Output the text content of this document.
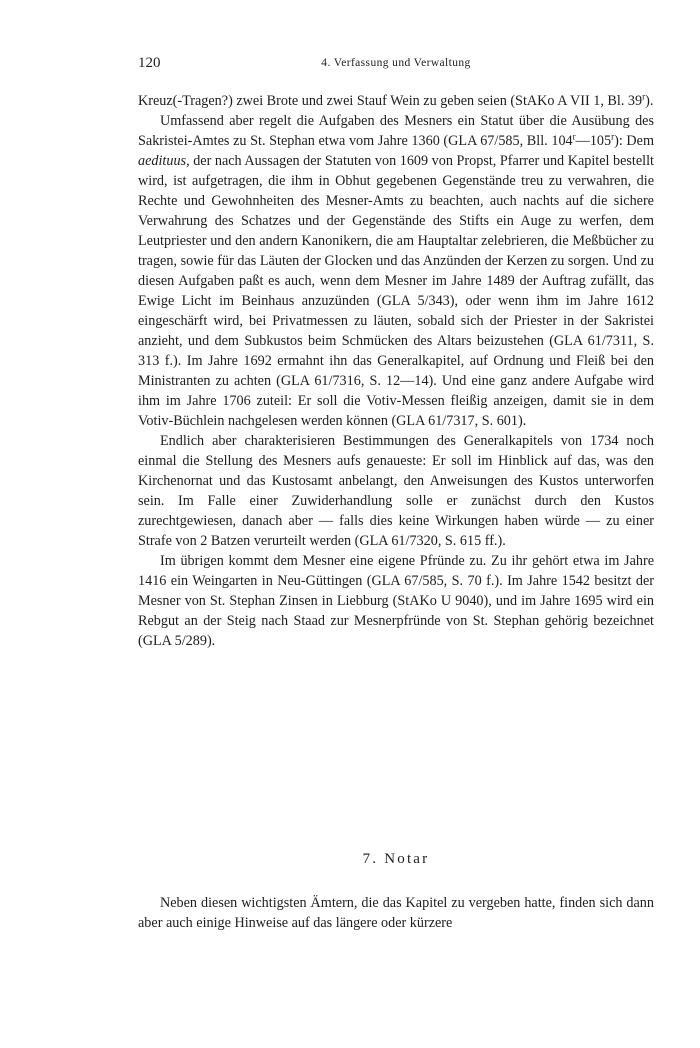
120	4. Verfassung und Verwaltung

Kreuz(-Tragen?) zwei Brote und zwei Stauf Wein zu geben seien (StAKo A VII 1, Bl. 39$^r$).

Umfassend aber regelt die Aufgaben des Mesners ein Statut über die Ausübung des Sakristei-Amtes zu St. Stephan etwa vom Jahre 1360 (GLA 67/585, Bll. 104$^r$—105$^r$): Dem aedituus, der nach Aussagen der Statuten von 1609 von Propst, Pfarrer und Kapitel bestellt wird, ist aufgetragen, die ihm in Obhut gegebenen Gegenstände treu zu verwahren, die Rechte und Gewohnheiten des Mesner-Amts zu beachten, auch nachts auf die sichere Verwahrung des Schatzes und der Gegenstände des Stifts ein Auge zu werfen, dem Leutpriester und den andern Kanonikern, die am Hauptaltar zelebrieren, die Meßbücher zu tragen, sowie für das Läuten der Glocken und das Anzünden der Kerzen zu sorgen. Und zu diesen Aufgaben paßt es auch, wenn dem Mesner im Jahre 1489 der Auftrag zufällt, das Ewige Licht im Beinhaus anzuzünden (GLA 5/343), oder wenn ihm im Jahre 1612 eingeschärft wird, bei Privatmessen zu läuten, sobald sich der Priester in der Sakristei anzieht, und dem Subkustos beim Schmücken des Altars beizustehen (GLA 61/7311, S. 313 f.). Im Jahre 1692 ermahnt ihn das Generalkapitel, auf Ordnung und Fleiß bei den Ministranten zu achten (GLA 61/7316, S. 12—14). Und eine ganz andere Aufgabe wird ihm im Jahre 1706 zuteil: Er soll die Votiv-Messen fleißig anzeigen, damit sie in dem Votiv-Büchlein nachgelesen werden können (GLA 61/7317, S. 601).

Endlich aber charakterisieren Bestimmungen des Generalkapitels von 1734 noch einmal die Stellung des Mesners aufs genaueste: Er soll im Hinblick auf das, was den Kirchenornat und das Kustosamt anbelangt, den Anweisungen des Kustos unterworfen sein. Im Falle einer Zuwiderhandlung solle er zunächst durch den Kustos zurechtgewiesen, danach aber — falls dies keine Wirkungen haben würde — zu einer Strafe von 2 Batzen verurteilt werden (GLA 61/7320, S. 615 ff.).

Im übrigen kommt dem Mesner eine eigene Pfründe zu. Zu ihr gehört etwa im Jahre 1416 ein Weingarten in Neu-Güttingen (GLA 67/585, S. 70 f.). Im Jahre 1542 besitzt der Mesner von St. Stephan Zinsen in Liebburg (StAKo U 9040), und im Jahre 1695 wird ein Rebgut an der Steig nach Staad zur Mesnerpfründe von St. Stephan gehörig bezeichnet (GLA 5/289).

7. Notar

Neben diesen wichtigsten Ämtern, die das Kapitel zu vergeben hatte, finden sich dann aber auch einige Hinweise auf das längere oder kürzere
